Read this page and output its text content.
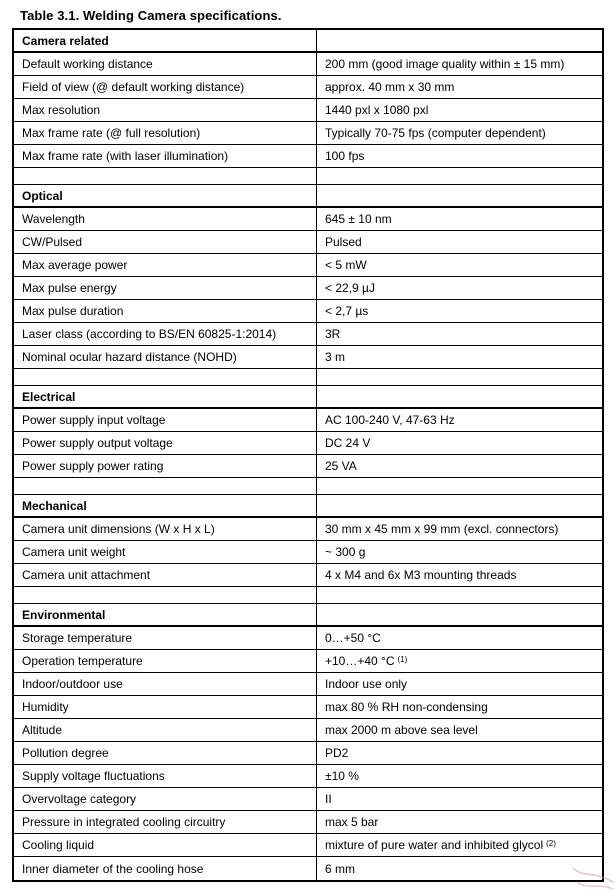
Table 3.1. Welding Camera specifications.
Camera related
Default working distance	200 mm (good image quality within ± 15 mm)
Field of view (@ default working distance)	approx. 40 mm x 30 mm
Max resolution	1440 pxl x 1080 pxl
Max frame rate (@ full resolution)	Typically 70-75 fps (computer dependent)
Max frame rate (with laser illumination)	100 fps
Optical
Wavelength	645 ± 10 nm
CW/Pulsed	Pulsed
Max average power	< 5 mW
Max pulse energy	< 22,9 µJ
Max pulse duration	< 2,7 µs
Laser class (according to BS/EN 60825-1:2014)	3R
Nominal ocular hazard distance (NOHD)	3 m
Electrical
Power supply input voltage	AC 100-240 V, 47-63 Hz
Power supply output voltage	DC 24 V
Power supply power rating	25 VA
Mechanical
Camera unit dimensions (W x H x L)	30 mm x 45 mm x 99 mm (excl. connectors)
Camera unit weight	~ 300 g
Camera unit attachment	4 x M4 and 6x M3 mounting threads
Environmental
Storage temperature	0…+50 °C
Operation temperature	+10…+40 °C (1)
Indoor/outdoor use	Indoor use only
Humidity	max 80 % RH non-condensing
Altitude	max 2000 m above sea level
Pollution degree	PD2
Supply voltage fluctuations	±10 %
Overvoltage category	II
Pressure in integrated cooling circuitry	max 5 bar
Cooling liquid	mixture of pure water and inhibited glycol (2)
Inner diameter of the cooling hose	6 mm
